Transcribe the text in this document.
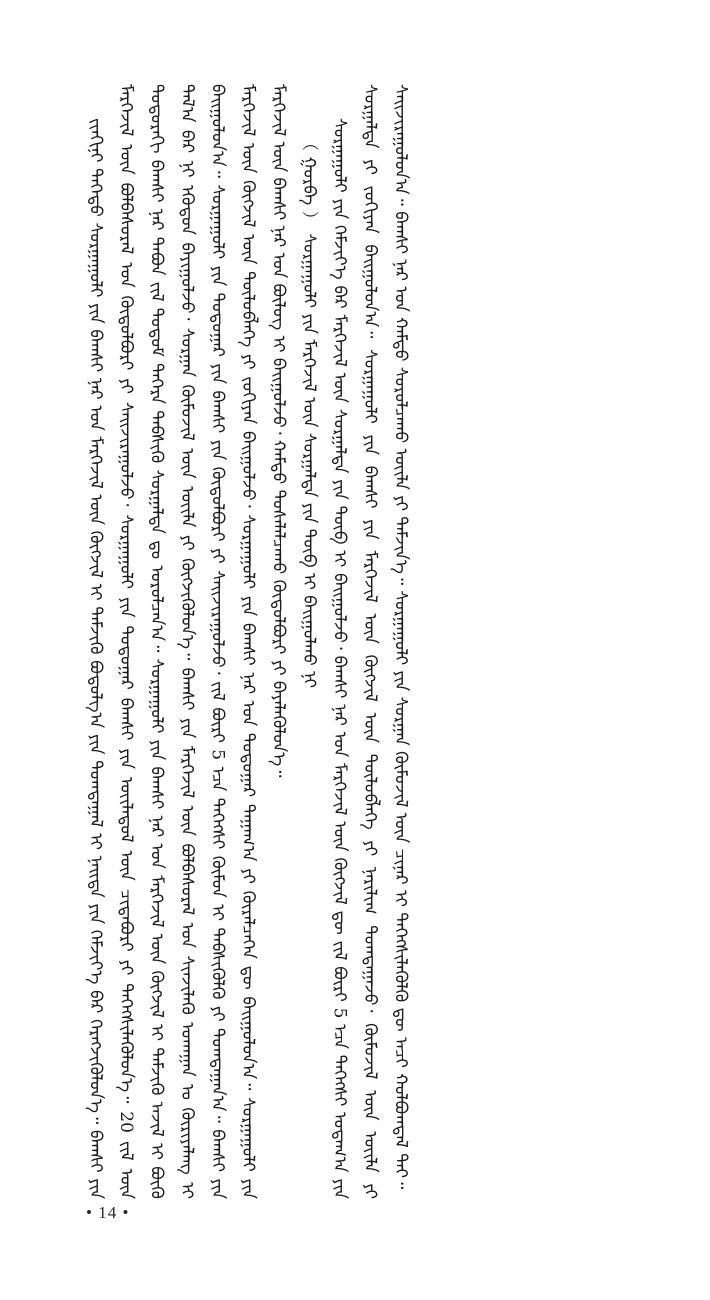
ᠵᠢᠨᠬᠢᠨᠢ ᠲᠡᠭᠡᠳᠦ ᠰᠤᠷᠭᠠᠭᠤᠯᠢ ᠶᠢᠨ ᠪᠠᠭᠰᠢ ᠨᠠᠷ ᠤᠨ ᠮᠡᠷᠭᠡᠵᠢᠯ ᠦᠨ ᠬᠥᠭᠵᠢᠯ ᠢ ᠳᠡᠮᠵᠢᠬᠦ ᠪᠣᠳᠣᠯᠭ᠎ᠠ ᠶᠢᠨ ᠲᠣᠭᠲᠠᠭᠠᠯ ᠢ ᠨᠡᠢᠲᠡ ᠶᠢᠨ ᠬᠡᠮᠵᠢᠶ᠎ᠡ ᠪᠡᠷ ᠬᠡᠷᠡᠭᠵᠢᠭᠦᠯᠦᠨ᠎ᠡ᠃ ᠪᠠᠭᠰᠢ ᠶᠢᠨ ᠮᠡᠷᠭᠡᠵᠢᠯ ᠦᠨ ᠪᠣᠯᠪᠠᠰᠤᠷᠠᠯ ᠤᠨ ᠬᠥᠲᠦᠯᠪᠦᠷᠢ ᠶᠢ ᠰᠠᠢᠵᠢᠷᠠᠭᠤᠯᠵᠤ᠂ ᠰᠤᠷᠭᠠᠭᠤᠯᠢ ᠶᠢᠨ ᠳᠤᠲᠤᠭᠠᠷ ᠪᠠᠭᠰᠢ ᠶᠢᠨ ᠦᠢᠯᠡᠳᠦᠯ ᠦᠨ ᠴᠢᠳᠠᠪᠤᠷᠢ ᠶᠢ ᠳᠡᠭᠡᠭᠰᠢᠯᠡᠭᠦᠯᠦᠨ᠎ᠡ᠃ 20 ᠵᠢᠯ ᠦᠨ ᠳᠣᠲᠣᠷᠠᠬᠢ ᠪᠠᠭᠰᠢ ᠨᠠᠷ ᠲᠠᠪᠤᠨ ᠵᠢᠯ ᠲᠤᠲᠤᠮ ᠳᠡᠭᠡᠷᠡ ᠳᠡᠪᠰᠢᠬᠦ ᠰᠤᠷᠭᠠᠯᠲᠠ ᠳᠤ ᠣᠷᠣᠯᠴᠠᠨ᠎ᠠ᠃ ᠰᠤᠷᠭᠠᠭᠤᠯᠢ ᠶᠢᠨ ᠪᠠᠭᠰᠢ ᠨᠠᠷ ᠤᠨ ᠮᠡᠷᠭᠡᠵᠢᠯ ᠦᠨ ᠬᠥᠭᠵᠢᠯ ᠢ ᠳᠡᠮᠵᠢᠬᠦ ᠠᠵᠢᠯ ᠢ ᠪᠦᠬᠦ ᠲᠠᠯ᠎ᠠ ᠪᠠᠷ ᠨᠢ ᠡᠭᠦᠳᠦᠨ ᠪᠠᠶᠢᠭᠤᠯᠵᠤ᠂ ᠰᠤᠷᠭᠠᠨ ᠬᠦᠮᠦᠵᠢᠯ ᠦᠨ ᠦᠢᠯᠡ ᠶᠢ ᠬᠥᠭᠵᠢᠭᠦᠯᠦᠨ᠎ᠡ᠃ ᠪᠠᠭᠰᠢ ᠶᠢᠨ ᠮᠡᠷᠭᠡᠵᠢᠯ ᠦᠨ ᠪᠣᠯᠪᠠᠰᠤᠷᠠᠯ ᠤᠨ ᠰᠢᠨᠵᠢᠯᠡᠬᠦ ᠤᠬᠠᠭᠠᠨ ᠤ ᠬᠦᠷᠢᠶᠡᠯᠡᠩ ᠢ ᠪᠠᠢᠭᠤᠯᠤᠨ᠎ᠠ᠃ ᠰᠤᠷᠭᠠᠭᠤᠯᠢ ᠶᠢᠨ ᠳᠤᠲᠤᠭᠠᠷ ᠶᠢᠨ ᠪᠠᠭᠰᠢ ᠶᠢᠨ ᠬᠥᠲᠦᠯᠪᠦᠷᠢ ᠶᠢ ᠰᠠᠢᠵᠢᠷᠠᠭᠤᠯᠵᠤ᠂ ᠵᠢᠯ ᠪᠦᠷᠢ 5 ᠡᠴᠡ ᠳᠡᠭᠡᠭᠰᠢ ᠬᠦᠮᠦᠨ ᠢ ᠳᠡᠪᠰᠢᠭᠦᠯᠬᠦ ᠶᠢ ᠲᠣᠭᠲᠠᠭᠠᠨ᠎ᠠ᠃ ᠪᠠᠭᠰᠢ ᠶᠢᠨ ᠮᠡᠷᠭᠡᠵᠢᠯ ᠦᠨ ᠬᠥᠭᠵᠢᠯ ᠦᠨ ᠲᠥᠯᠥᠪᠯᠡᠭᠡ ᠶᠢ ᠵᠣᠬᠢᠶᠠᠨ ᠪᠠᠢᠭᠤᠯᠵᠤ᠂ ᠰᠤᠷᠭᠠᠭᠤᠯᠢ ᠶᠢᠨ ᠪᠠᠭᠰᠢ ᠨᠠᠷ ᠤᠨ ᠳᠤᠲᠤᠭᠠᠷ ᠳᠠᠭᠠᠭ᠎ᠠ ᠶᠢ ᠬᠦᠷᠡᠯᠴᠡᠭᠡᠨ ᠳᠦ ᠪᠠᠢᠭᠤᠯᠤᠨ᠎ᠠ᠃ ᠰᠤᠷᠭᠠᠭᠤᠯᠢ ᠶᠢᠨ ᠮᠡᠷᠭᠡᠵᠢᠯ ᠦᠨ ᠪᠠᠭᠰᠢ ᠨᠠᠷ ᠤᠨ ᠪᠦᠯᠦᠭ ᠢ ᠪᠠᠢᠭᠤᠯᠵᠤ᠂ ᠬᠠᠮᠲᠤ ᠲᠤᠰᠠᠯᠠᠯᠴᠠᠬᠤ ᠬᠥᠲᠦᠯᠪᠦᠷᠢ ᠶᠢ ᠪᠡᠶᠡᠯᠡᠭᠦᠯᠦᠨ᠎ᠡ᠃ （ ᠭᠤᠷᠪᠠ ） ᠰᠤᠷᠭᠠᠭᠤᠯᠢ ᠶᠢᠨ ᠮᠡᠷᠭᠡᠵᠢᠯ ᠦᠨ ᠰᠤᠷᠭᠠᠯᠲᠠ ᠶᠢᠨ ᠲᠥᠪ ᠢ ᠪᠠᠢᠭᠤᠯᠬᠤ ᠨᠢ ᠰᠤᠷᠭᠠᠭᠤᠯᠢ ᠶᠢᠨ ᠬᠡᠮᠵᠢᠶ᠎ᠡ ᠪᠡᠷ ᠮᠡᠷᠭᠡᠵᠢᠯ ᠦᠨ ᠰᠤᠷᠭᠠᠯᠲᠠ ᠶᠢᠨ ᠲᠥᠪ ᠢ ᠪᠠᠢᠭᠤᠯᠵᠤ᠂ ᠪᠠᠭᠰᠢ ᠨᠠᠷ ᠤᠨ ᠮᠡᠷᠭᠡᠵᠢᠯ ᠦᠨ ᠬᠥᠭᠵᠢᠯ ᠳᠦ ᠵᠢᠯ ᠪᠦᠷᠢ 5 ᠡᠴᠡ ᠳᠡᠭᠡᠭᠰᠢ ᠤᠳᠠᠭ᠎ᠠ ᠶᠢᠨ ᠰᠤᠷᠭᠠᠯᠲᠠ ᠶᠢ ᠵᠣᠬᠢᠶᠠᠨ ᠪᠠᠢᠭᠤᠯᠤᠨ᠎ᠠ᠃ ᠰᠤᠷᠭᠠᠭᠤᠯᠢ ᠶᠢᠨ ᠪᠠᠭᠰᠢ ᠶᠢᠨ ᠮᠡᠷᠭᠡᠵᠢᠯ ᠦᠨ ᠬᠥᠭᠵᠢᠯ ᠦᠨ ᠲᠥᠯᠥᠪᠯᠡᠭᠡ ᠶᠢ ᠨᠠᠷᠢᠯᠢᠭ ᠲᠣᠭᠲᠠᠭᠠᠵᠤ᠂ ᠬᠦᠮᠦᠵᠢᠯ ᠦᠨ ᠦᠢᠯᠡ ᠶᠢ ᠰᠠᠢᠵᠢᠷᠠᠭᠤᠯᠤᠨ᠎ᠠ᠃ ᠪᠠᠭᠰᠢ ᠨᠠᠷ ᠤᠨ ᠬᠠᠮᠲᠤ ᠰᠤᠷᠤᠯᠴᠠᠬᠤ ᠦᠢᠯᠡ ᠶᠢ ᠳᠡᠮᠵᠢᠨ᠎ᠡ᠃ ᠰᠤᠷᠭᠠᠭᠤᠯᠢ ᠶᠢᠨ ᠰᠤᠷᠭᠠᠨ ᠬᠦᠮᠦᠵᠢᠯ ᠦᠨ ᠴᠢᠨᠠᠷ ᠢ ᠳᠡᠭᠡᠭᠰᠢᠯᠡᠭᠦᠯᠬᠦ ᠳᠦ ᠠᠴᠢ ᠬᠣᠯᠪᠣᠭᠳᠠᠯ ᠲᠠᠢ᠃

• 14 •
